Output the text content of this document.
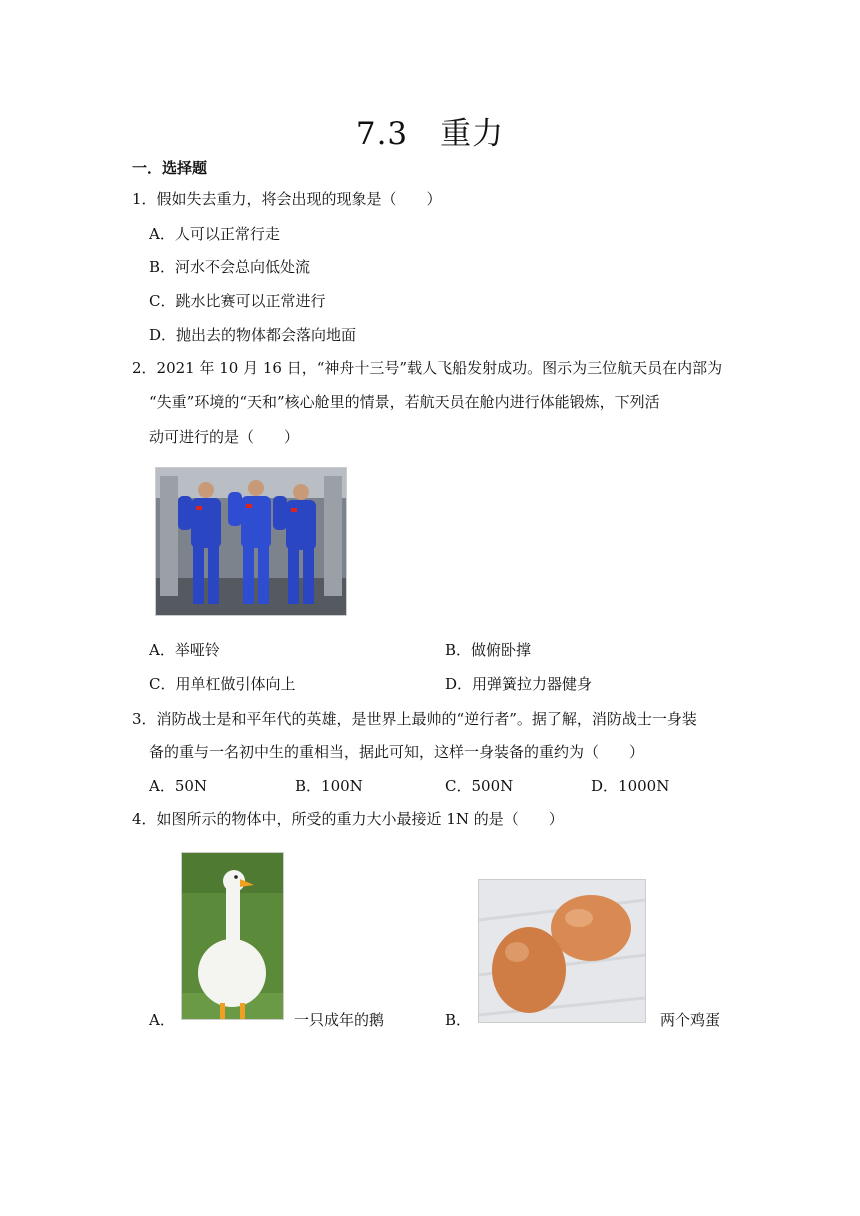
7.3　重力
一．选择题
1．假如失去重力，将会出现的现象是（　　）
A．人可以正常行走
B．河水不会总向低处流
C．跳水比赛可以正常进行
D．抛出去的物体都会落向地面
2．2021 年 10 月 16 日，“神舟十三号”载人飞船发射成功。图示为三位航天员在内部为
“失重”环境的“天和”核心舱里的情景，若航天员在舱内进行体能锻炼，下列活
动可进行的是（　　）
A．举哑铃	B．做俯卧撑
C．用单杠做引体向上	D．用弹簧拉力器健身
3．消防战士是和平年代的英雄，是世界上最帅的“逆行者”。据了解，消防战士一身装
备的重与一名初中生的重相当，据此可知，这样一身装备的重约为（　　）
A．50N	B．100N	C．500N	D．1000N
4．如图所示的物体中，所受的重力大小最接近 1N 的是（　　）
A．	一只成年的鹅	B．	两个鸡蛋
